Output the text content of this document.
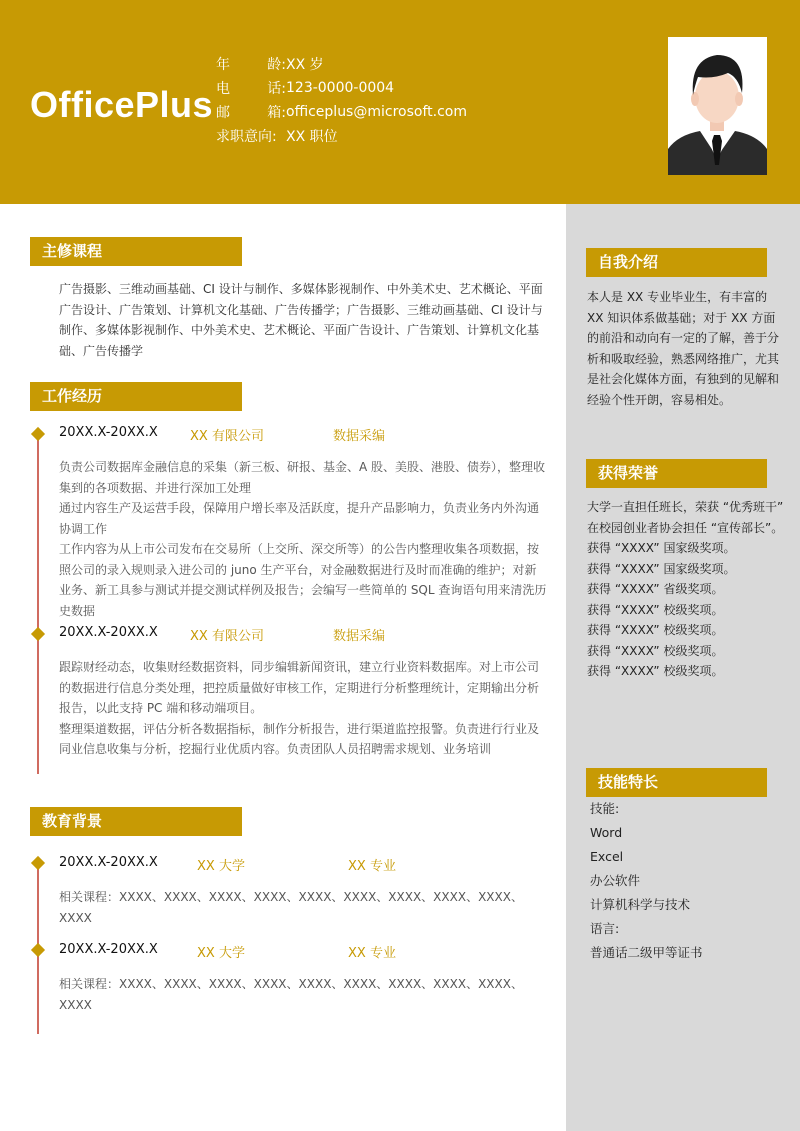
OfficePlus
年	龄: XX 岁
电	话: 123-0000-0004
邮	箱: officeplus@microsoft.com
求职意向: XX 职位
自我介绍
本人是 XX 专业毕业生，有丰富的 XX 知识体系做基础；对于 XX 方面的前沿和动向有一定的了解，善于分析和吸取经验，熟悉网络推广，尤其是社会化媒体方面，有独到的见解和经验个性开朗，容易相处。
获得荣誉
大学一直担任班长，荣获 “优秀班干” 在校园创业者协会担任 “宣传部长”。
获得 “XXXX” 国家级奖项。
获得 “XXXX” 国家级奖项。
获得 “XXXX” 省级奖项。
获得 “XXXX” 校级奖项。
获得 “XXXX” 校级奖项。
获得 “XXXX” 校级奖项。
获得 “XXXX” 校级奖项。
技能特长
技能:
Word
Excel
办公软件
计算机科学与技术
语言:
普通话二级甲等证书
主修课程
广告摄影、三维动画基础、CI 设计与制作、多媒体影视制作、中外美术史、艺术概论、平面广告设计、广告策划、计算机文化基础、广告传播学；广告摄影、三维动画基础、CI 设计与制作、多媒体影视制作、中外美术史、艺术概论、平面广告设计、广告策划、计算机文化基础、广告传播学
工作经历
20XX.X-20XX.X	XX 有限公司	数据采编

负责公司数据库金融信息的采集（新三板、研报、基金、A 股、美股、港股、债券），整理收集到的各项数据、并进行深加工处理

通过内容生产及运营手段，保障用户增长率及活跃度，提升产品影响力，负责业务内外沟通协调工作

工作内容为从上市公司发布在交易所（上交所、深交所等）的公告内整理收集各项数据，按照公司的录入规则录入进公司的 juno 生产平台，对金融数据进行及时而准确的维护；对新业务、新工具参与测试并提交测试样例及报告；会编写一些简单的 SQL 查询语句用来清洗历史数据

20XX.X-20XX.X	XX 有限公司	数据采编

跟踪财经动态，收集财经数据资料，同步编辑新闻资讯，建立行业资料数据库。对上市公司的数据进行信息分类处理，把控质量做好审核工作，定期进行分析整理统计，定期输出分析报告，以此支持 PC 端和移动端项目。

整理渠道数据，评估分析各数据指标，制作分析报告，进行渠道监控报警。负责进行行业及同业信息收集与分析，挖掘行业优质内容。负责团队人员招聘需求规划、业务培训

教育背景
20XX.X-20XX.X	XX 大学	XX 专业
相关课程：XXXX、XXXX、XXXX、XXXX、XXXX、XXXX、XXXX、XXXX、XXXX、XXXX
20XX.X-20XX.X	XX 大学	XX 专业
相关课程：XXXX、XXXX、XXXX、XXXX、XXXX、XXXX、XXXX、XXXX、XXXX、XXXX
